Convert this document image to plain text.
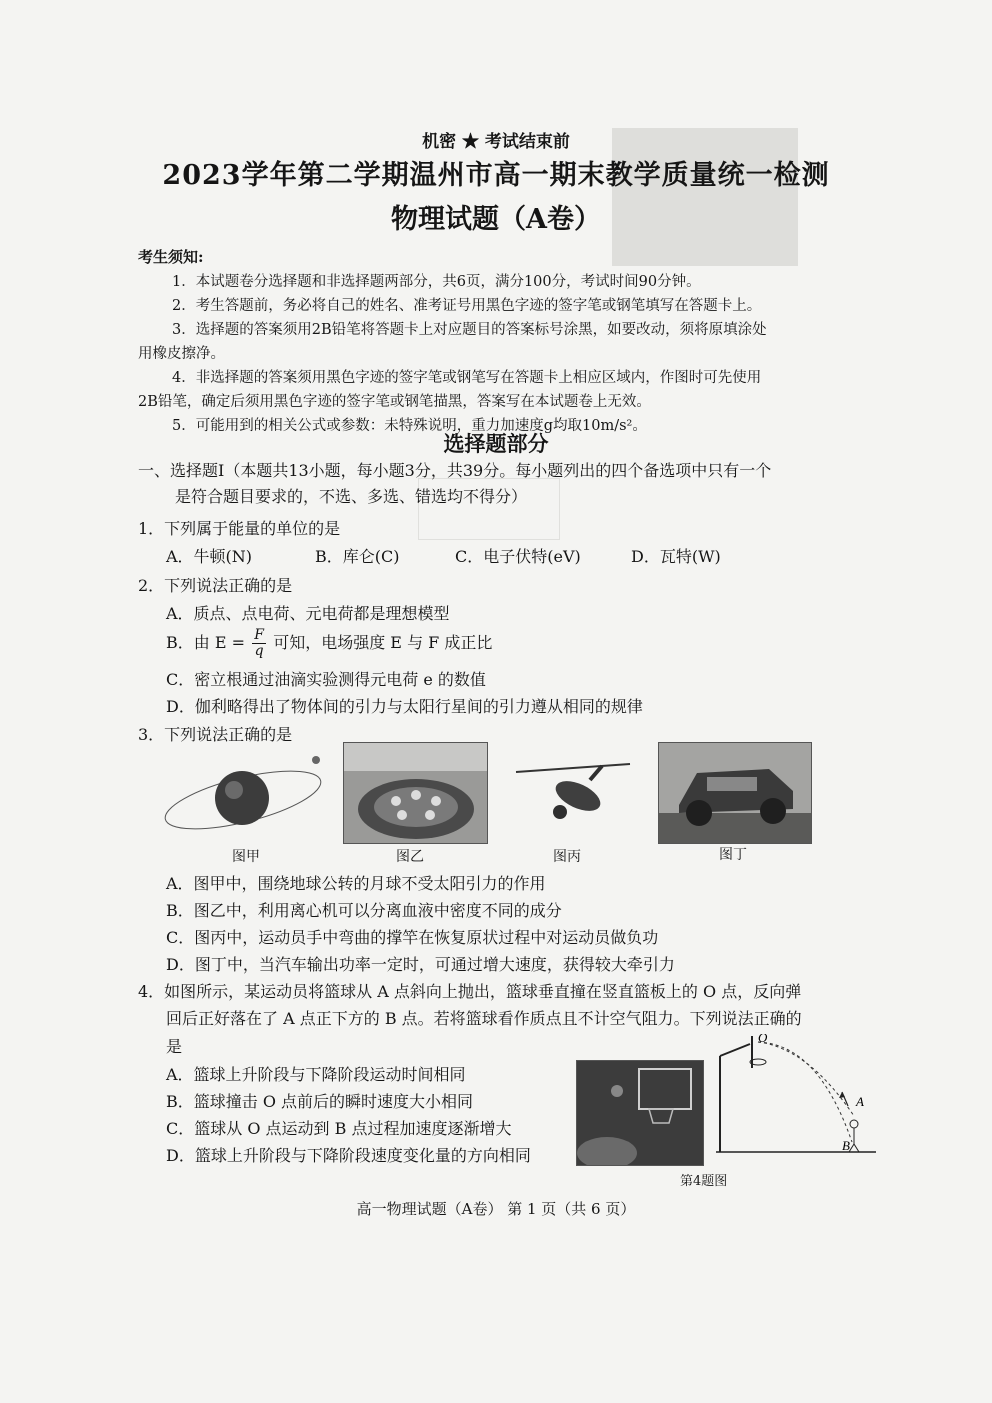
机密 ★ 考试结束前
2023学年第二学期温州市高一期末教学质量统一检测
物理试题（A卷）
考生须知:
1．本试题卷分选择题和非选择题两部分，共6页，满分100分，考试时间90分钟。
2．考生答题前，务必将自己的姓名、准考证号用黑色字迹的签字笔或钢笔填写在答题卡上。
3．选择题的答案须用2B铅笔将答题卡上对应题目的答案标号涂黑，如要改动，须将原填涂处
用橡皮擦净。
4．非选择题的答案须用黑色字迹的签字笔或钢笔写在答题卡上相应区域内，作图时可先使用
2B铅笔，确定后须用黑色字迹的签字笔或钢笔描黑，答案写在本试题卷上无效。
5．可能用到的相关公式或参数：未特殊说明，重力加速度g均取10m/s²。
选择题部分
一、选择题Ⅰ（本题共13小题，每小题3分，共39分。每小题列出的四个备选项中只有一个
是符合题目要求的，不选、多选、错选均不得分）
1．下列属于能量的单位的是
A．牛顿(N)	B．库仑(C)	C．电子伏特(eV)	D．瓦特(W)
2．下列说法正确的是
A．质点、点电荷、元电荷都是理想模型
B．由 $E = \frac{F}{q}$ 可知，电场强度 E 与 F 成正比
C．密立根通过油滴实验测得元电荷 e 的数值
D．伽利略得出了物体间的引力与太阳行星间的引力遵从相同的规律
3．下列说法正确的是
图甲	图乙	图丙	图丁
A．图甲中，围绕地球公转的月球不受太阳引力的作用
B．图乙中，利用离心机可以分离血液中密度不同的成分
C．图丙中，运动员手中弯曲的撑竿在恢复原状过程中对运动员做负功
D．图丁中，当汽车输出功率一定时，可通过增大速度，获得较大牵引力
4．如图所示，某运动员将篮球从 A 点斜向上抛出，篮球垂直撞在竖直篮板上的 O 点，反向弹
回后正好落在了 A 点正下方的 B 点。若将篮球看作质点且不计空气阻力。下列说法正确的
是
A．篮球上升阶段与下降阶段运动时间相同
B．篮球撞击 O 点前后的瞬时速度大小相同
C．篮球从 O 点运动到 B 点过程加速度逐渐增大
D．篮球上升阶段与下降阶段速度变化量的方向相同
O
A
B
第4题图
高一物理试题（A卷） 第 1 页（共 6 页）
